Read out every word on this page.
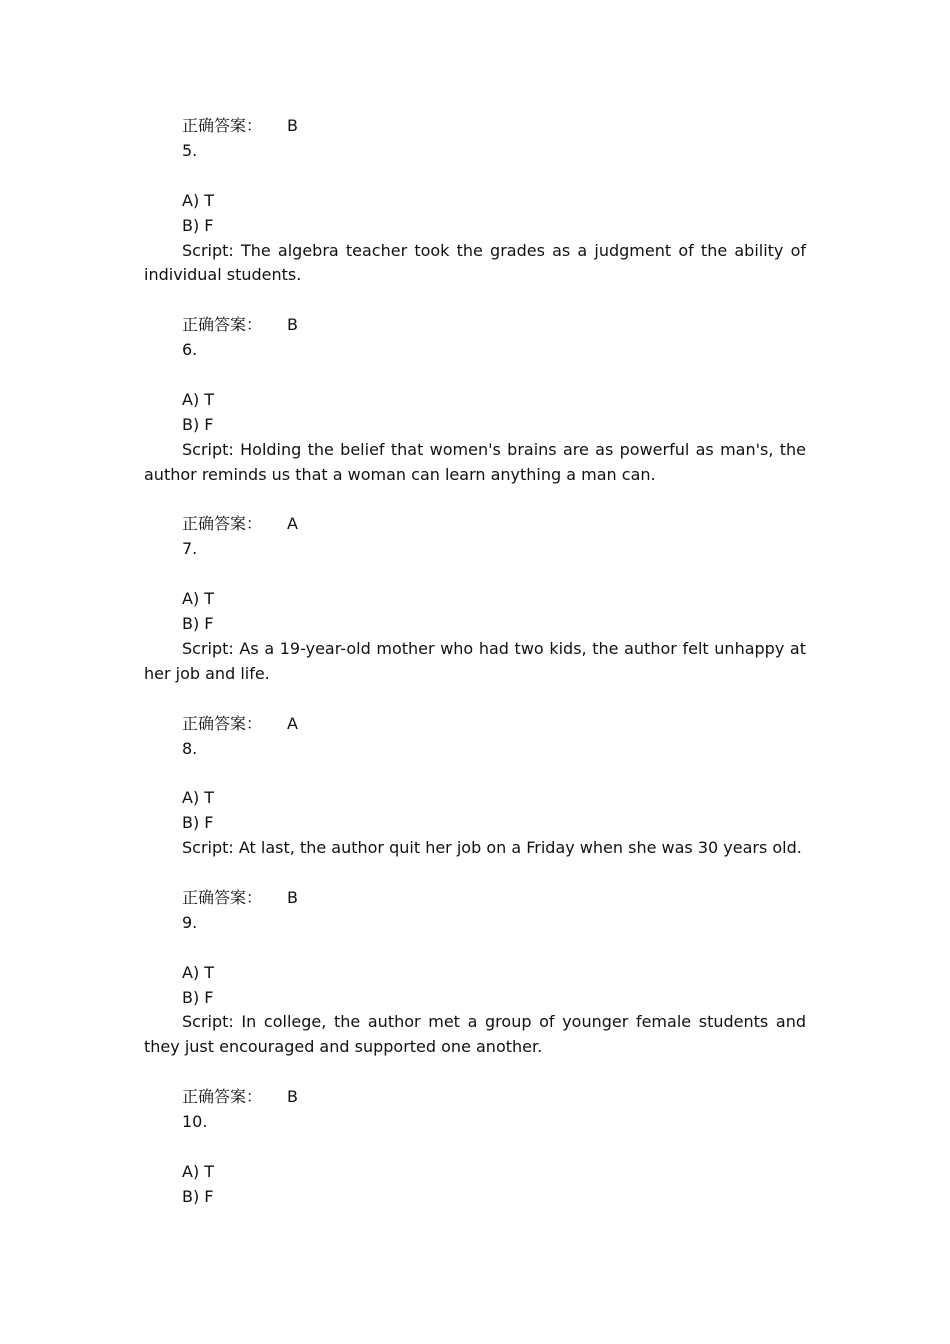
正确答案： B
5.
A) T
B) F
Script: The algebra teacher took the grades as a judgment of the ability of individual students.
正确答案： B
6.
A) T
B) F
Script: Holding the belief that women's brains are as powerful as man's, the author reminds us that a woman can learn anything a man can.
正确答案： A
7.
A) T
B) F
Script: As a 19-year-old mother who had two kids, the author felt unhappy at her job and life.
正确答案： A
8.
A) T
B) F
Script: At last, the author quit her job on a Friday when she was 30 years old.
正确答案： B
9.
A) T
B) F
Script: In college, the author met a group of younger female students and they just encouraged and supported one another.
正确答案： B
10.
A) T
B) F
